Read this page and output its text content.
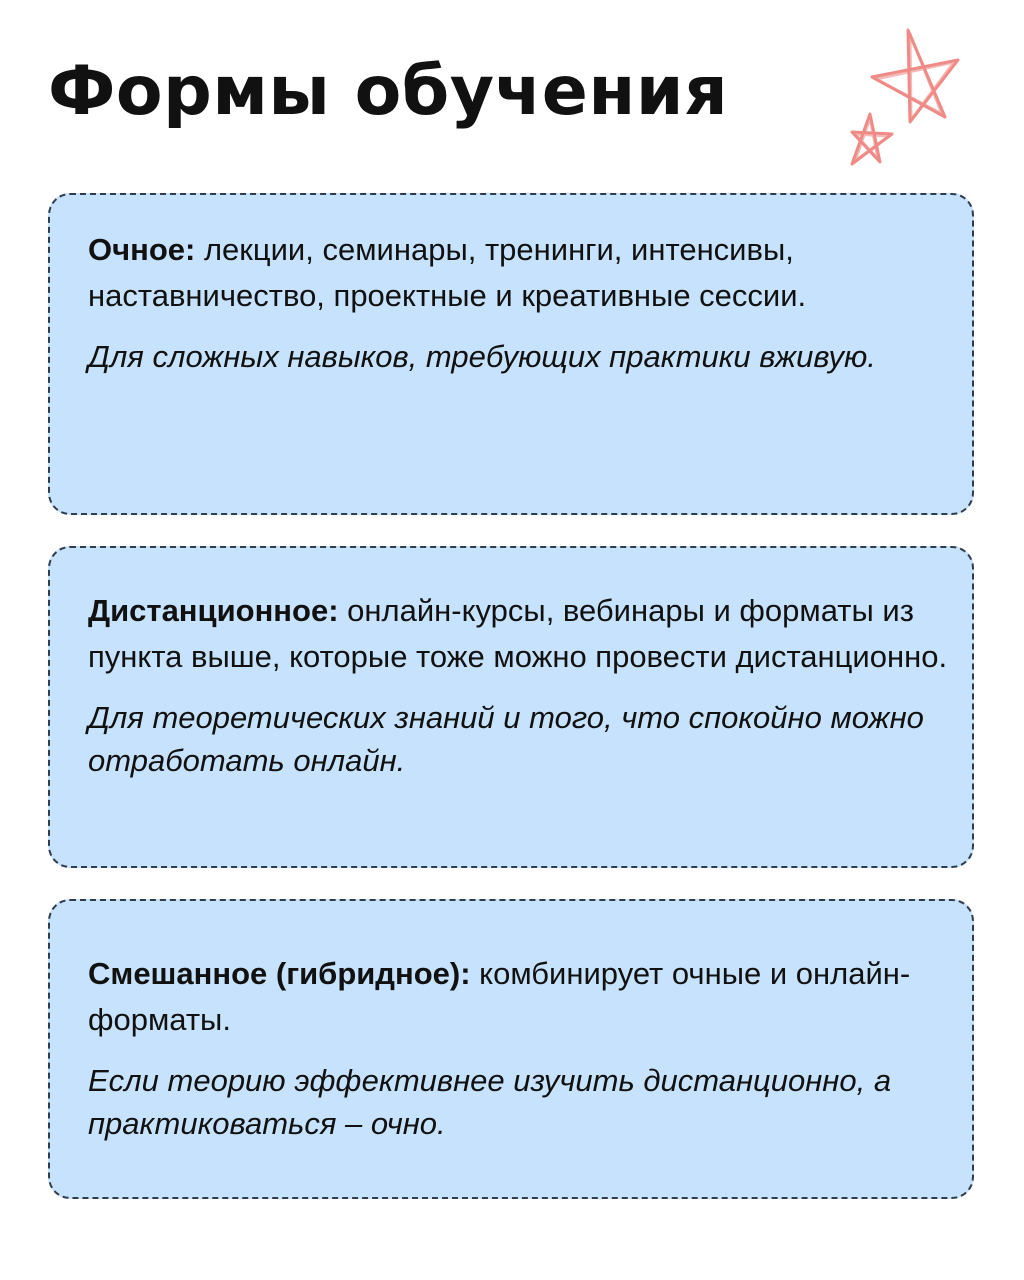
Формы обучения

Очное: лекции, семинары, тренинги, интенсивы, наставничество, проектные и креативные сессии.

Для сложных навыков, требующих практики вживую.

Дистанционное: онлайн-курсы, вебинары и форматы из пункта выше, которые тоже можно провести дистанционно.

Для теоретических знаний и того, что спокойно можно отработать онлайн.

Смешанное (гибридное): комбинирует очные и онлайн-форматы.

Если теорию эффективнее изучить дистанционно, а практиковаться – очно.
